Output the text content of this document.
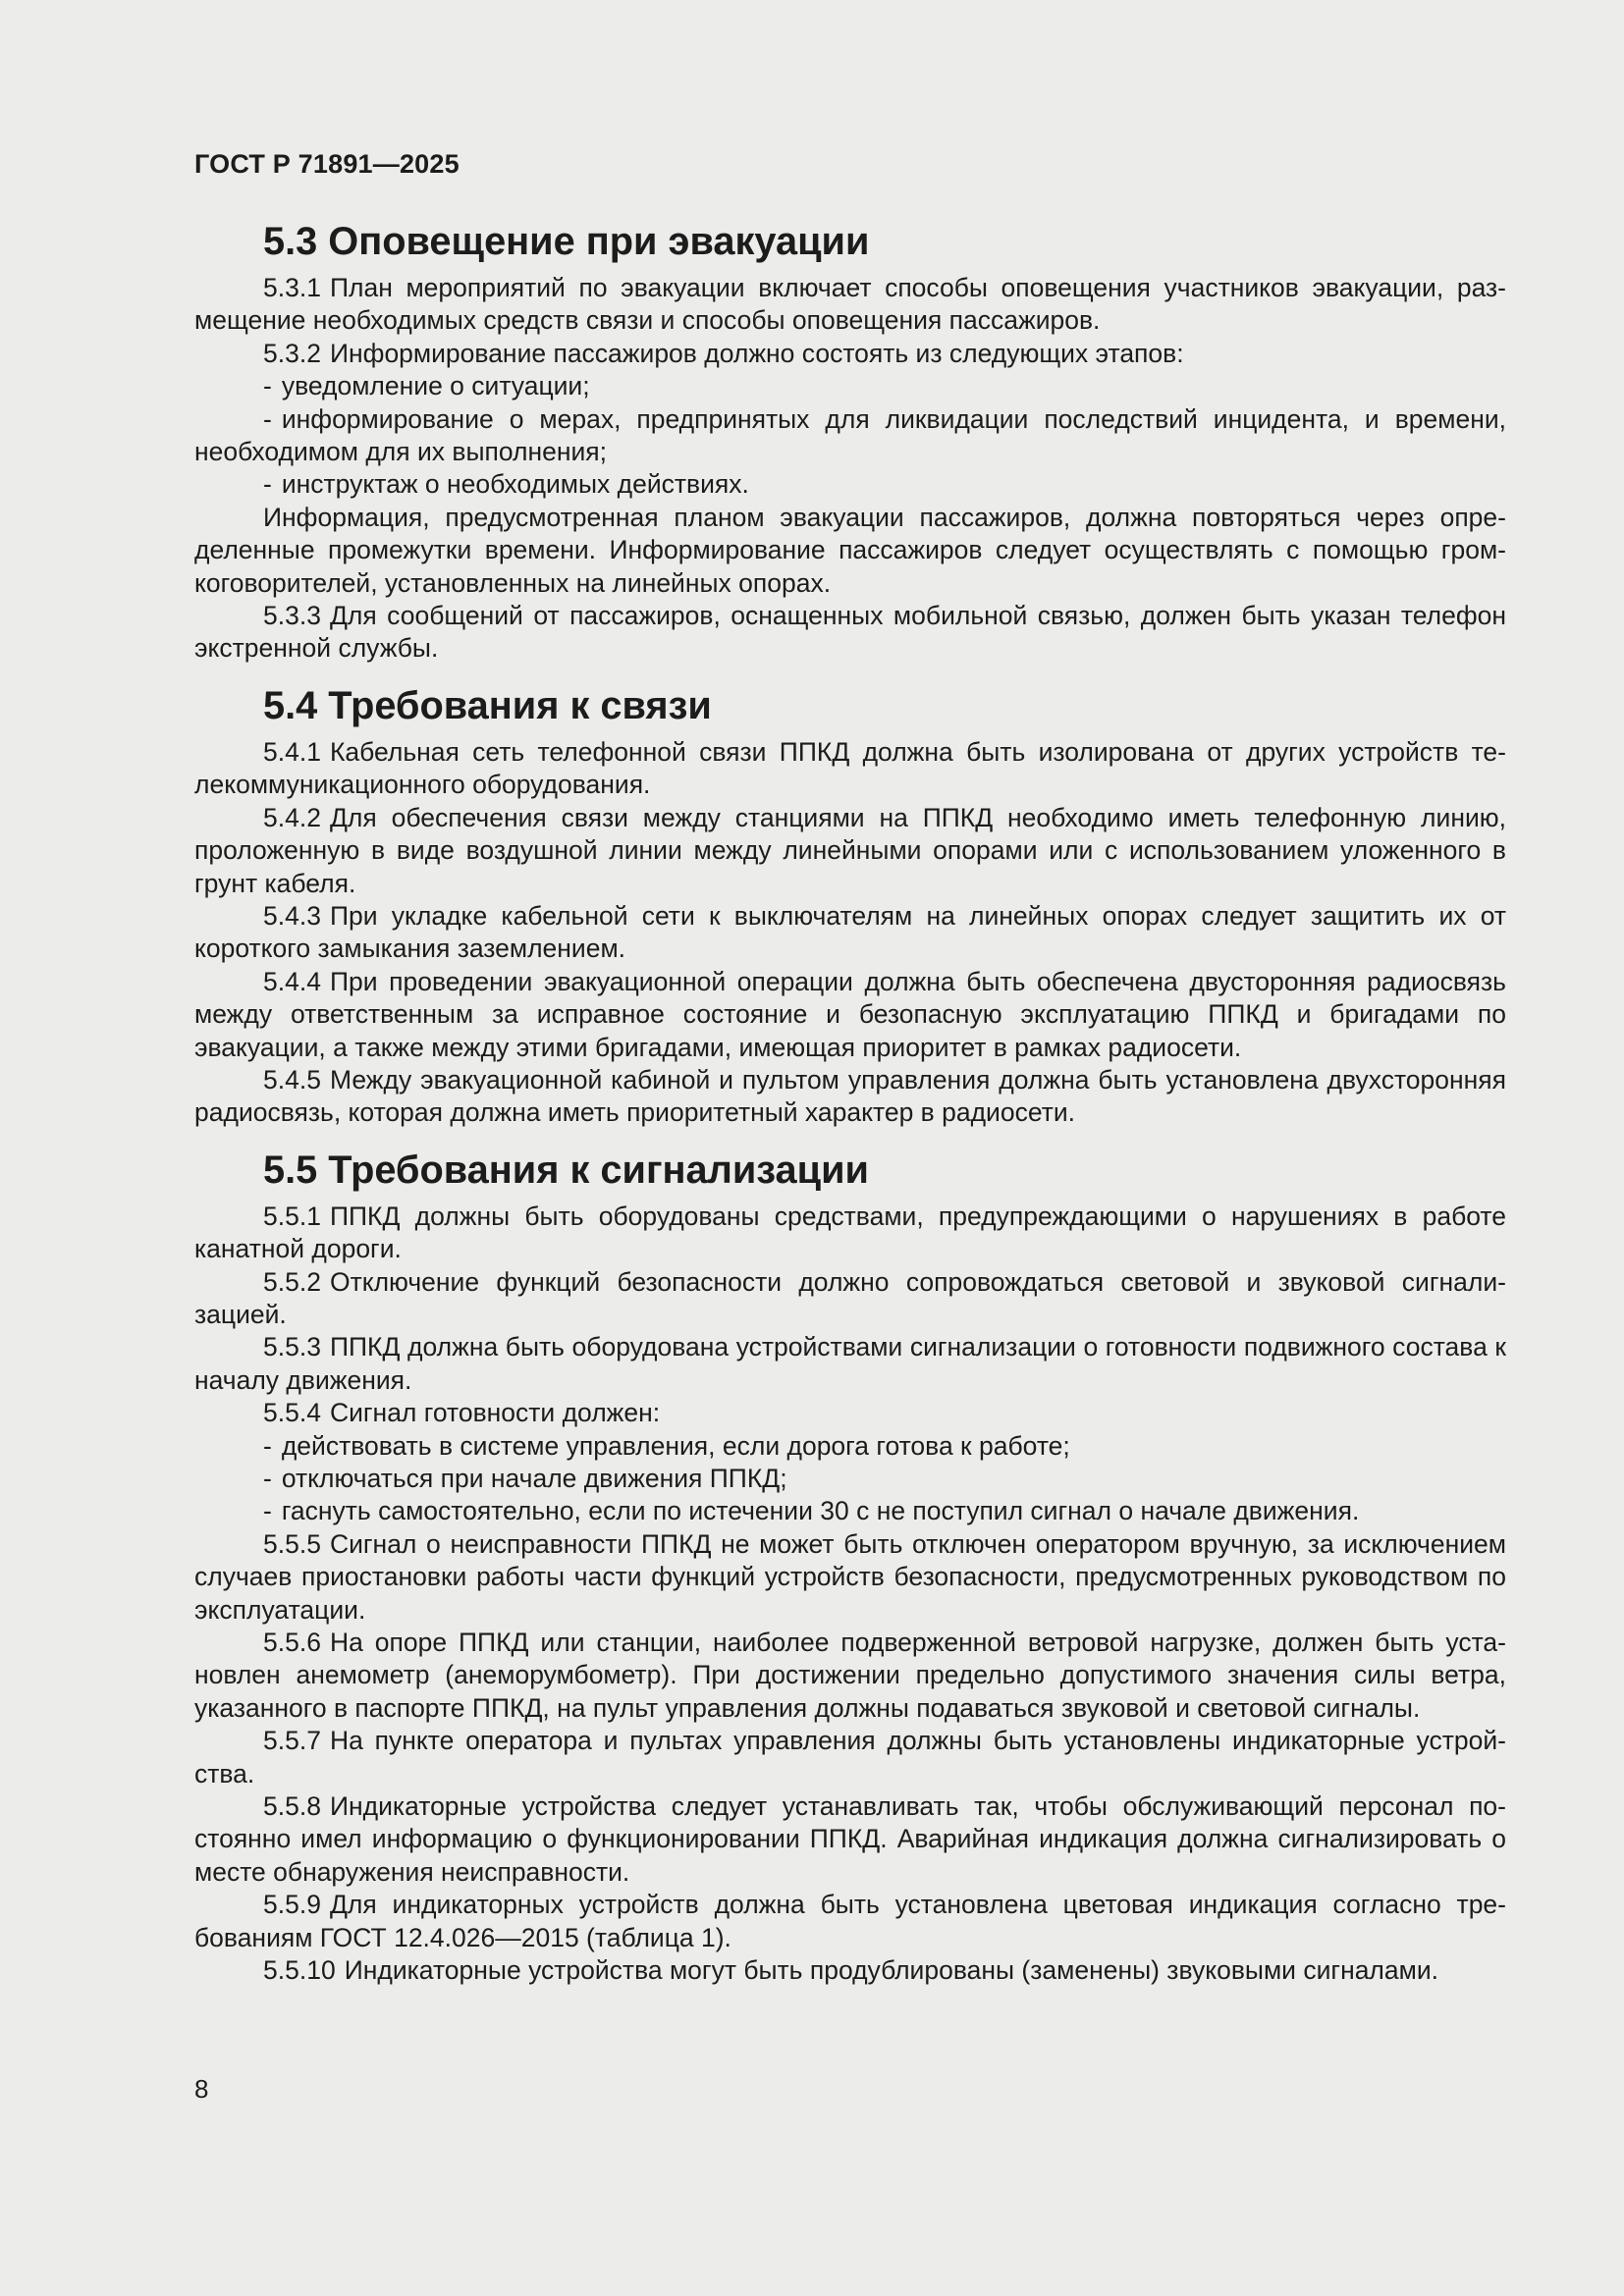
ГОСТ Р 71891—2025
5.3 Оповещение при эвакуации

5.3.1 План мероприятий по эвакуации включает способы оповещения участников эвакуации, размещение необходимых средств связи и способы оповещения пассажиров.

5.3.2 Информирование пассажиров должно состоять из следующих этапов:

- уведомление о ситуации;

- информирование о мерах, предпринятых для ликвидации последствий инцидента, и времени, необходимом для их выполнения;

- инструктаж о необходимых действиях.

Информация, предусмотренная планом эвакуации пассажиров, должна повторяться через определенные промежутки времени. Информирование пассажиров следует осуществлять с помощью громкоговорителей, установленных на линейных опорах.

5.3.3 Для сообщений от пассажиров, оснащенных мобильной связью, должен быть указан телефон экстренной службы.

5.4 Требования к связи

5.4.1 Кабельная сеть телефонной связи ППКД должна быть изолирована от других устройств телекоммуникационного оборудования.

5.4.2 Для обеспечения связи между станциями на ППКД необходимо иметь телефонную линию, проложенную в виде воздушной линии между линейными опорами или с использованием уложенного в грунт кабеля.

5.4.3 При укладке кабельной сети к выключателям на линейных опорах следует защитить их от короткого замыкания заземлением.

5.4.4 При проведении эвакуационной операции должна быть обеспечена двусторонняя радиосвязь между ответственным за исправное состояние и безопасную эксплуатацию ППКД и бригадами по эвакуации, а также между этими бригадами, имеющая приоритет в рамках радиосети.

5.4.5 Между эвакуационной кабиной и пультом управления должна быть установлена двухсторонняя радиосвязь, которая должна иметь приоритетный характер в радиосети.

5.5 Требования к сигнализации

5.5.1 ППКД должны быть оборудованы средствами, предупреждающими о нарушениях в работе канатной дороги.

5.5.2 Отключение функций безопасности должно сопровождаться световой и звуковой сигнализацией.

5.5.3 ППКД должна быть оборудована устройствами сигнализации о готовности подвижного состава к началу движения.

5.5.4 Сигнал готовности должен:

- действовать в системе управления, если дорога готова к работе;

- отключаться при начале движения ППКД;

- гаснуть самостоятельно, если по истечении 30 с не поступил сигнал о начале движения.

5.5.5 Сигнал о неисправности ППКД не может быть отключен оператором вручную, за исключением случаев приостановки работы части функций устройств безопасности, предусмотренных руководством по эксплуатации.

5.5.6 На опоре ППКД или станции, наиболее подверженной ветровой нагрузке, должен быть установлен анемометр (анеморумбометр). При достижении предельно допустимого значения силы ветра, указанного в паспорте ППКД, на пульт управления должны подаваться звуковой и световой сигналы.

5.5.7 На пункте оператора и пультах управления должны быть установлены индикаторные устройства.

5.5.8 Индикаторные устройства следует устанавливать так, чтобы обслуживающий персонал постоянно имел информацию о функционировании ППКД. Аварийная индикация должна сигнализировать о месте обнаружения неисправности.

5.5.9 Для индикаторных устройств должна быть установлена цветовая индикация согласно требованиям ГОСТ 12.4.026—2015 (таблица 1).

5.5.10 Индикаторные устройства могут быть продублированы (заменены) звуковыми сигналами.

8
